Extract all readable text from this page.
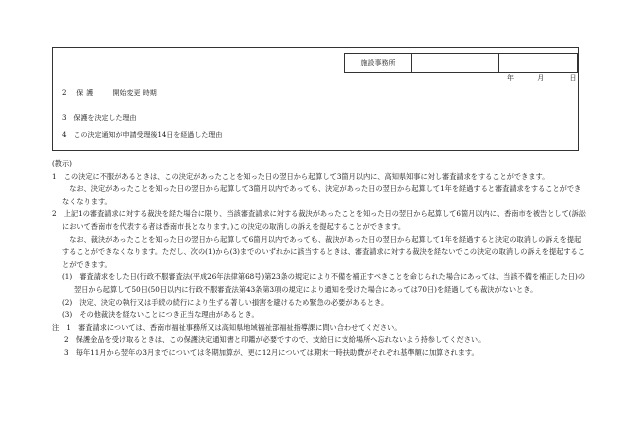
施設事務所		
年	月	日
2 保護 開始変更 時期
3　保護を決定した理由
4　この決定通知が申請受理後14日を経過した理由

(教示)

1　この決定に不服があるときは、この決定があったことを知った日の翌日から起算して3箇月以内に、高知県知事に対し審査請求をすることができます。

　なお、決定があったことを知った日の翌日から起算して3箇月以内であっても、決定があった日の翌日から起算して1年を経過すると審査請求をすることができなくなります。

2　上記1の審査請求に対する裁決を経た場合に限り、当該審査請求に対する裁決があったことを知った日の翌日から起算して6箇月以内に、香南市を被告として(訴訟において香南市を代表する者は香南市長となります。)この決定の取消しの訴えを提起することができます。

　なお、裁決があったことを知った日の翌日から起算して6箇月以内であっても、裁決があった日の翌日から起算して1年を経過すると決定の取消しの訴えを提起することができなくなります。ただし、次の(1)から(3)までのいずれかに該当するときは、審査請求に対する裁決を経ないでこの決定の取消しの訴えを提起することができます。

(1)　審査請求をした日(行政不服審査法(平成26年法律第68号)第23条の規定により不備を補正すべきことを命じられた場合にあっては、当該不備を補正した日)の翌日から起算して50日(50日以内に行政不服審査法第43条第3項の規定により通知を受けた場合にあっては70日)を経過しても裁決がないとき。

(2)　決定、決定の執行又は手続の続行により生ずる著しい損害を避けるため緊急の必要があるとき。

(3)　その他裁決を経ないことにつき正当な理由があるとき。

注　1　審査請求については、香南市福祉事務所又は高知県地域福祉部福祉指導課に問い合わせてください。

2　保護金品を受け取るときは、この保護決定通知書と印鑑が必要ですので、支給日に支給場所へ忘れないよう持参してください。

3　毎年11月から翌年の3月までについては冬期加算が、更に12月については期末一時扶助費がそれぞれ基準額に加算されます。
